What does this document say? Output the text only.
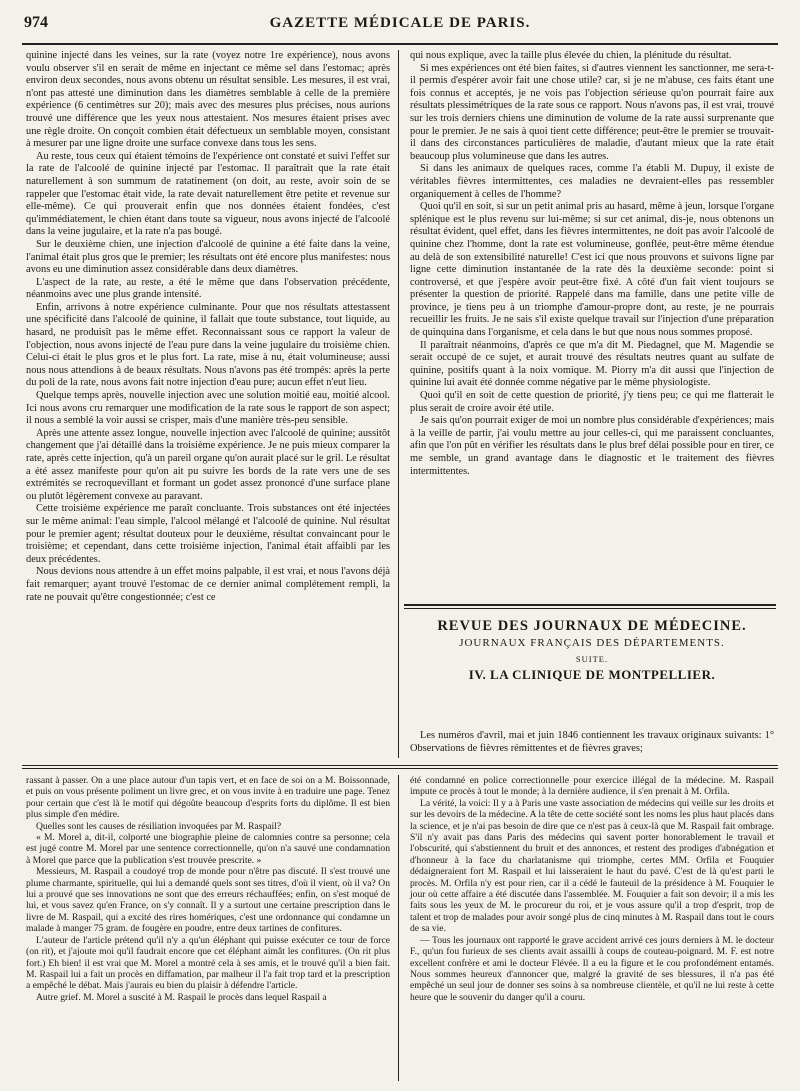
974	GAZETTE MÉDICALE DE PARIS.

quinine injecté dans les veines, sur la rate (voyez notre 1re expérience), nous avons voulu observer s'il en serait de même en injectant ce même sel dans l'estomac; après environ deux secondes, nous avons obtenu un résultat sensible. Les mesures, il est vrai, n'ont pas attesté une diminution dans les diamètres semblable à celle de la première expérience (6 centimètres sur 20); mais avec des mesures plus précises, nous aurions trouvé une différence que les yeux nous attestaient. Nos mesures étaient prises avec une règle droite. On conçoit combien était défectueux un semblable moyen, consistant à mesurer par une ligne droite une surface convexe dans tous les sens.

Au reste, tous ceux qui étaient témoins de l'expérience ont constaté et suivi l'effet sur la rate de l'alcoolé de quinine injecté par l'estomac. Il paraîtrait que la rate était naturellement à son summum de ratatinement (on doit, au reste, avoir soin de se rappeler que l'estomac était vide, la rate devait naturellement être petite et revenue sur elle-même). Ce qui prouverait enfin que nos données étaient fondées, c'est qu'immédiatement, le chien étant dans toute sa vigueur, nous avons injecté de l'alcoolé dans la veine jugulaire, et la rate n'a pas bougé.

Sur le deuxième chien, une injection d'alcoolé de quinine a été faite dans la veine, l'animal était plus gros que le premier; les résultats ont été encore plus manifestes: nous avons eu une diminution assez considérable dans deux diamètres.

L'aspect de la rate, au reste, a été le même que dans l'observation précédente, néanmoins avec une plus grande intensité.

Enfin, arrivons à notre expérience culminante. Pour que nos résultats attestassent une spécificité dans l'alcoolé de quinine, il fallait que toute substance, tout liquide, au hasard, ne produisît pas le même effet. Reconnaissant sous ce rapport la valeur de l'objection, nous avons injecté de l'eau pure dans la veine jugulaire du troisième chien. Celui-ci était le plus gros et le plus fort. La rate, mise à nu, était volumineuse; aussi nous nous attendions à de beaux résultats. Nous n'avons pas été trompés: après la perte du poli de la rate, nous avons fait notre injection d'eau pure; aucun effet n'eut lieu.

Quelque temps après, nouvelle injection avec une solution moitié eau, moitié alcool. Ici nous avons cru remarquer une modification de la rate sous le rapport de son aspect; il nous a semblé la voir aussi se crisper, mais d'une manière très-peu sensible.

Après une attente assez longue, nouvelle injection avec l'alcoolé de quinine; aussitôt changement que j'ai détaillé dans la troisième expérience. Je ne puis mieux comparer la rate, après cette injection, qu'à un pareil organe qu'on aurait placé sur le gril. Le résultat a été assez manifeste pour qu'on ait pu suivre les bords de la rate vers une de ses extrémités se recroquevillant et formant un godet assez prononcé d'une surface plane ou plutôt légèrement convexe au paravant.

Cette troisième expérience me paraît concluante. Trois substances ont été injectées sur le même animal: l'eau simple, l'alcool mélangé et l'alcoolé de quinine. Nul résultat pour le premier agent; résultat douteux pour le deuxième, résultat convaincant pour le troisième; et cependant, dans cette troisième injection, l'animal était affaibli par les deux précédentes.

Nous devions nous attendre à un effet moins palpable, il est vrai, et nous l'avons déjà fait remarquer; ayant trouvé l'estomac de ce dernier animal complétement rempli, la rate ne pouvait qu'être congestionnée; c'est ce

qui nous explique, avec la taille plus élevée du chien, la plénitude du résultat.

Si mes expériences ont été bien faites, si d'autres viennent les sanctionner, me sera-t-il permis d'espérer avoir fait une chose utile? car, si je ne m'abuse, ces faits étant une fois connus et acceptés, je ne vois pas l'objection sérieuse qu'on pourrait faire aux résultats plessimétriques de la rate sous ce rapport. Nous n'avons pas, il est vrai, trouvé sur les trois derniers chiens une diminution de volume de la rate aussi surprenante que pour le premier. Je ne sais à quoi tient cette différence; peut-être le premier se trouvait-il dans des circonstances particulières de maladie, d'autant mieux que la rate était beaucoup plus volumineuse que dans les autres.

Si dans les animaux de quelques races, comme l'a établi M. Dupuy, il existe de véritables fièvres intermittentes, ces maladies ne devraient-elles pas ressembler organiquement à celles de l'homme?

Quoi qu'il en soit, si sur un petit animal pris au hasard, même à jeun, lorsque l'organe splénique est le plus revenu sur lui-même; si sur cet animal, dis-je, nous obtenons un résultat évident, quel effet, dans les fièvres intermittentes, ne doit pas avoir l'alcoolé de quinine chez l'homme, dont la rate est volumineuse, gonflée, peut-être même étendue au delà de son extensibilité naturelle! C'est ici que nous prouvons et suivons ligne par ligne cette diminution instantanée de la rate dès la deuxième seconde: point si controversé, et que j'espère avoir peut-être fixé. A côté d'un fait vient toujours se présenter la question de priorité. Rappelé dans ma famille, dans une petite ville de province, je tiens peu à un triomphe d'amour-propre dont, au reste, je ne pourrais recueillir les fruits. Je ne sais s'il existe quelque travail sur l'injection d'une préparation de quinquina dans l'organisme, et cela dans le but que nous nous sommes proposé.

Il paraîtrait néanmoins, d'après ce que m'a dit M. Piedagnel, que M. Magendie se serait occupé de ce sujet, et aurait trouvé des résultats neutres quant au sulfate de quinine, positifs quant à la noix vomique. M. Piorry m'a dit aussi que l'injection de quinine lui avait été donnée comme négative par le même physiologiste.

Quoi qu'il en soit de cette question de priorité, j'y tiens peu; ce qui me flatterait le plus serait de croire avoir été utile.

Je sais qu'on pourrait exiger de moi un nombre plus considérable d'expériences; mais à la veille de partir, j'ai voulu mettre au jour celles-ci, qui me paraissent concluantes, afin que l'on pût en vérifier les résultats dans le plus bref délai possible pour en tirer, ce me semble, un grand avantage dans le diagnostic et le traitement des fièvres intermittentes.

REVUE DES JOURNAUX DE MÉDECINE.
JOURNAUX FRANÇAIS DES DÉPARTEMENTS.
SUITE.
IV. LA CLINIQUE DE MONTPELLIER.

Les numéros d'avril, mai et juin 1846 contiennent les travaux originaux suivants: 1° Observations de fièvres rémittentes et de fièvres graves;

rassant à passer. On a une place autour d'un tapis vert, et en face de soi on a M. Boissonnade, et puis on vous présente poliment un livre grec, et on vous invite à en traduire une page. Tenez pour certain que c'est là le motif qui dégoûte beaucoup d'esprits forts du diplôme. Il est bien plus simple d'en médire.

Quelles sont les causes de résiliation invoquées par M. Raspail?

« M. Morel a, dit-il, colporté une biographie pleine de calomnies contre sa personne; cela est jugé contre M. Morel par une sentence correctionnelle, qu'on n'a sauvé une condamnation à Morel que parce que la publication s'est trouvée prescrite. »

Messieurs, M. Raspail a coudoyé trop de monde pour n'être pas discuté. Il s'est trouvé une plume charmante, spirituelle, qui lui a demandé quels sont ses titres, d'où il vient, où il va? On lui a prouvé que ses innovations ne sont que des erreurs réchauffées; enfin, on s'est moqué de lui, et vous savez qu'en France, on s'y connaît. Il y a surtout une certaine prescription dans le livre de M. Raspail, qui a excité des rires homériques, c'est une ordonnance qui condamne un malade à manger 75 gram. de fougère en poudre, entre deux tartines de confitures.

L'auteur de l'article prétend qu'il n'y a qu'un éléphant qui puisse exécuter ce tour de force (on rit), et j'ajoute moi qu'il faudrait encore que cet éléphant aimât les confitures. (On rit plus fort.) Eh bien! il est vrai que M. Morel a montré cela à ses amis, et le trouvé qu'il a bien fait. M. Raspail lui a fait un procès en diffamation, par malheur il l'a fait trop tard et la prescription a empêché le débat. Mais j'aurais eu bien du plaisir à défendre l'article.

Autre grief. M. Morel a suscité à M. Raspail le procès dans lequel Raspail a

été condamné en police correctionnelle pour exercice illégal de la médecine. M. Raspail impute ce procès à tout le monde; à la dernière audience, il s'en prenait à M. Orfila.

La vérité, la voici: Il y a à Paris une vaste association de médecins qui veille sur les droits et sur les devoirs de la médecine. A la tête de cette société sont les noms les plus haut placés dans la science, et je n'ai pas besoin de dire que ce n'est pas à ceux-là que M. Raspail fait ombrage. S'il n'y avait pas dans Paris des médecins qui savent porter honorablement le travail et l'obscurité, qui s'abstiennent du bruit et des annonces, et restent des prodiges d'abnégation et d'honneur à la face du charlatanisme qui triomphe, certes MM. Orfila et Fouquier dédaigneraient fort M. Raspail et lui laisseraient le haut du pavé. C'est de là qu'est parti le procès. M. Orfila n'y est pour rien, car il a cédé le fauteuil de la présidence à M. Fouquier le jour où cette affaire a été discutée dans l'assemblée. M. Fouquier a fait son devoir; il a mis les faits sous les yeux de M. le procureur du roi, et je vous assure qu'il a trop d'esprit, trop de talent et trop de malades pour avoir songé plus de cinq minutes à M. Raspail dans tout le cours de sa vie.

— Tous les journaux ont rapporté le grave accident arrivé ces jours derniers à M. le docteur F., qu'un fou furieux de ses clients avait assailli à coups de couteau-poignard. M. F. est notre excellent confrère et ami le docteur Flévée. Il a eu la figure et le cou profondément entamés. Nous sommes heureux d'annoncer que, malgré la gravité de ses blessures, il n'a pas été empêché un seul jour de donner ses soins à sa nombreuse clientèle, et qu'il ne lui reste à cette heure que le souvenir du danger qu'il a couru.
